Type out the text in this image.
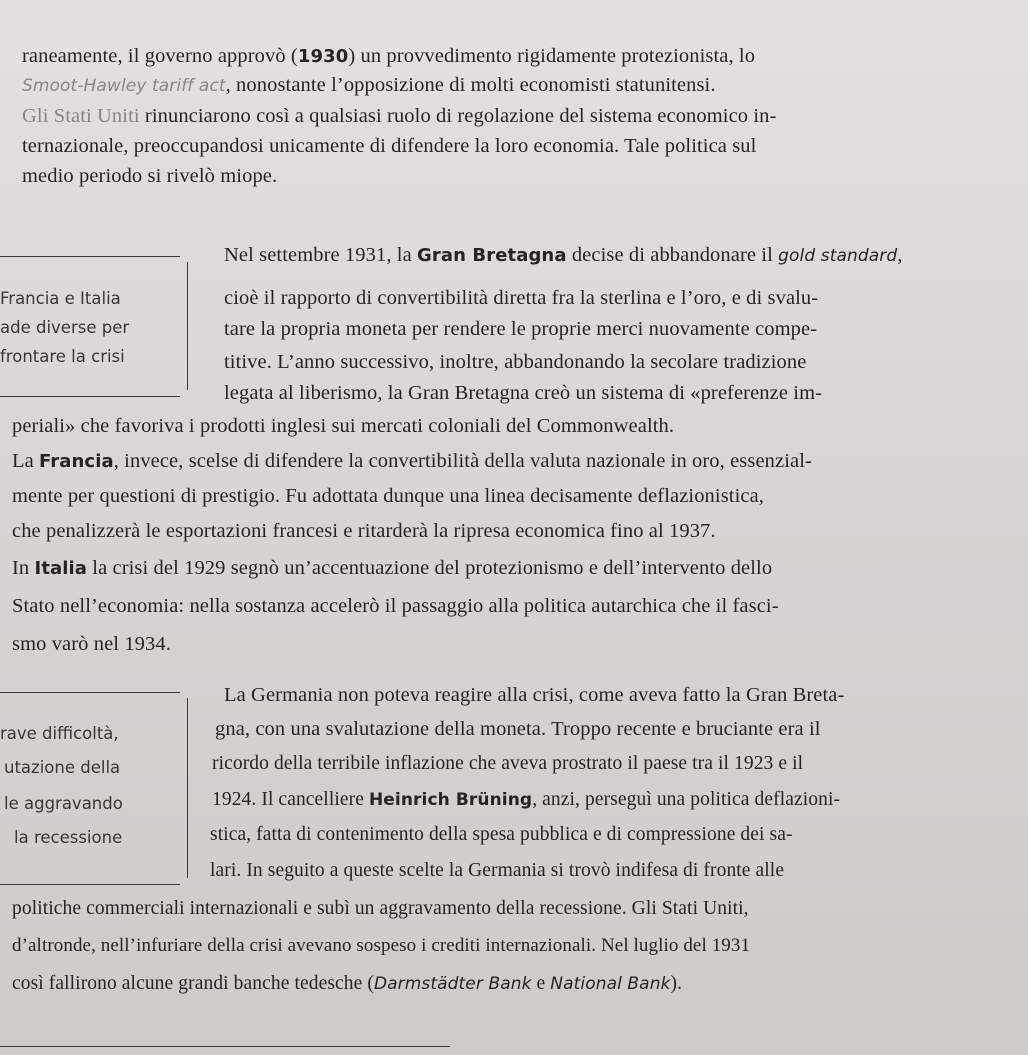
raneamente, il governo approvò (1930) un provvedimento rigidamente protezionista, lo
Smoot-Hawley tariff act, nonostante l’opposizione di molti economisti statunitensi.
Gli Stati Uniti rinunciarono così a qualsiasi ruolo di regolazione del sistema economico in-
ternazionale, preoccupandosi unicamente di difendere la loro economia. Tale politica sul
medio periodo si rivelò miope.
Francia e Italia
ade diverse per
frontare la crisi
Nel settembre 1931, la Gran Bretagna decise di abbandonare il gold standard,
cioè il rapporto di convertibilità diretta fra la sterlina e l’oro, e di svalu-
tare la propria moneta per rendere le proprie merci nuovamente compe-
titive. L’anno successivo, inoltre, abbandonando la secolare tradizione
legata al liberismo, la Gran Bretagna creò un sistema di «preferenze im-
periali» che favoriva i prodotti inglesi sui mercati coloniali del Commonwealth.
La Francia, invece, scelse di difendere la convertibilità della valuta nazionale in oro, essenzial-
mente per questioni di prestigio. Fu adottata dunque una linea decisamente deflazionistica,
che penalizzerà le esportazioni francesi e ritarderà la ripresa economica fino al 1937.
In Italia la crisi del 1929 segnò un’accentuazione del protezionismo e dell’intervento dello
Stato nell’economia: nella sostanza accelerò il passaggio alla politica autarchica che il fasci-
smo varò nel 1934.
rave difficoltà,
utazione della
le aggravando
la recessione
La Germania non poteva reagire alla crisi, come aveva fatto la Gran Breta-
gna, con una svalutazione della moneta. Troppo recente e bruciante era il
ricordo della terribile inflazione che aveva prostrato il paese tra il 1923 e il
1924. Il cancelliere Heinrich Brüning, anzi, perseguì una politica deflazioni-
stica, fatta di contenimento della spesa pubblica e di compressione dei sa-
lari. In seguito a queste scelte la Germania si trovò indifesa di fronte alle
politiche commerciali internazionali e subì un aggravamento della recessione. Gli Stati Uniti,
d’altronde, nell’infuriare della crisi avevano sospeso i crediti internazionali. Nel luglio del 1931
così fallirono alcune grandi banche tedesche (Darmstädter Bank e National Bank).
